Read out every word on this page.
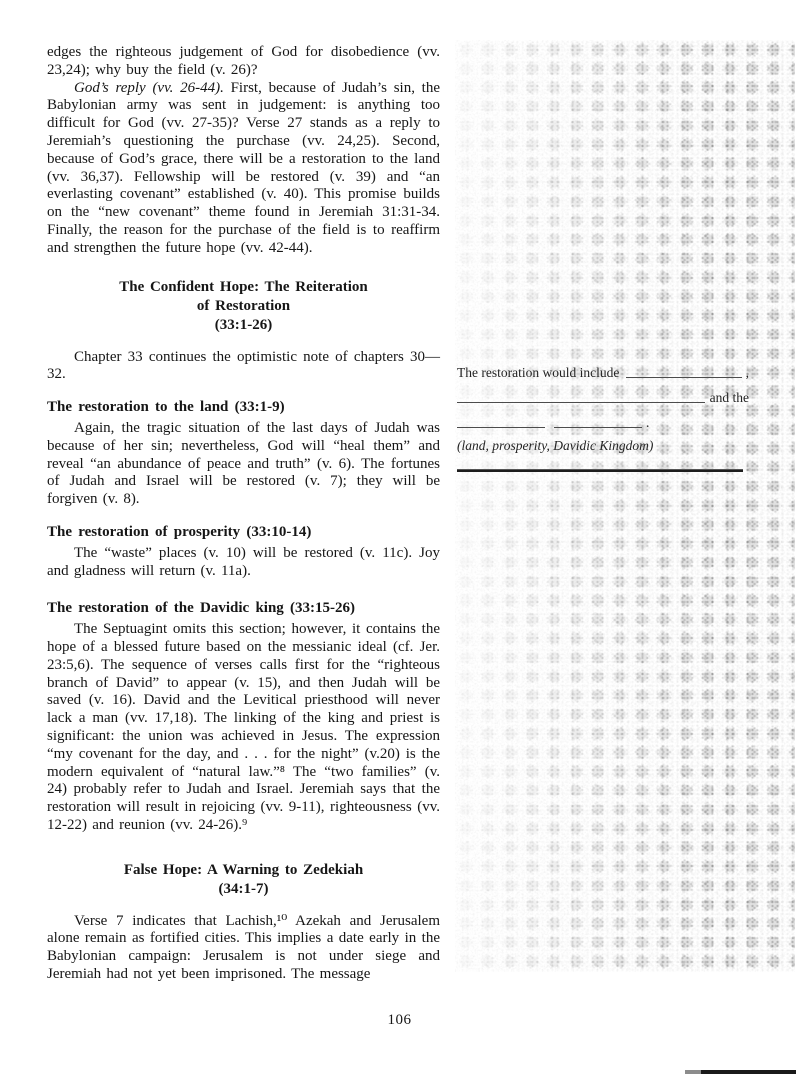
edges the righteous judgement of God for disobedience (vv. 23,24); why buy the field (v. 26)?

God’s reply (vv. 26-44). First, because of Judah’s sin, the Babylonian army was sent in judgement: is anything too difficult for God (vv. 27-35)? Verse 27 stands as a reply to Jeremiah’s questioning the purchase (vv. 24,25). Second, because of God’s grace, there will be a restoration to the land (vv. 36,37). Fellowship will be restored (v. 39) and “an everlasting covenant” established (v. 40). This promise builds on the “new covenant” theme found in Jeremiah 31:31-34. Finally, the reason for the purchase of the field is to reaffirm and strengthen the future hope (vv. 42-44).

The Confident Hope: The Reiteration
of Restoration
(33:1-26)

Chapter 33 continues the optimistic note of chapters 30—32.

The restoration to the land (33:1-9)

Again, the tragic situation of the last days of Judah was because of her sin; nevertheless, God will “heal them” and reveal “an abundance of peace and truth” (v. 6). The fortunes of Judah and Israel will be restored (v. 7); they will be forgiven (v. 8).

The restoration of prosperity (33:10-14)

The “waste” places (v. 10) will be restored (v. 11c). Joy and gladness will return (v. 11a).

The restoration of the Davidic king (33:15-26)

The Septuagint omits this section; however, it contains the hope of a blessed future based on the messianic ideal (cf. Jer. 23:5,6). The sequence of verses calls first for the “righteous branch of David” to appear (v. 15), and then Judah will be saved (v. 16). David and the Levitical priesthood will never lack a man (vv. 17,18). The linking of the king and priest is significant: the union was achieved in Jesus. The expression “my covenant for the day, and . . . for the night” (v.20) is the modern equivalent of “natural law.”⁸ The “two families” (v. 24) probably refer to Judah and Israel. Jeremiah says that the restoration will result in rejoicing (vv. 9-11), righteousness (vv. 12-22) and reunion (vv. 24-26).⁹

False Hope: A Warning to Zedekiah
(34:1-7)

Verse 7 indicates that Lachish,¹⁰ Azekah and Jerusalem alone remain as fortified cities. This implies a date early in the Babylonian campaign: Jerusalem is not under siege and Jeremiah had not yet been imprisoned. The message

The restoration would include	,
and the
.
(land, prosperity, Davidic Kingdom)
106
